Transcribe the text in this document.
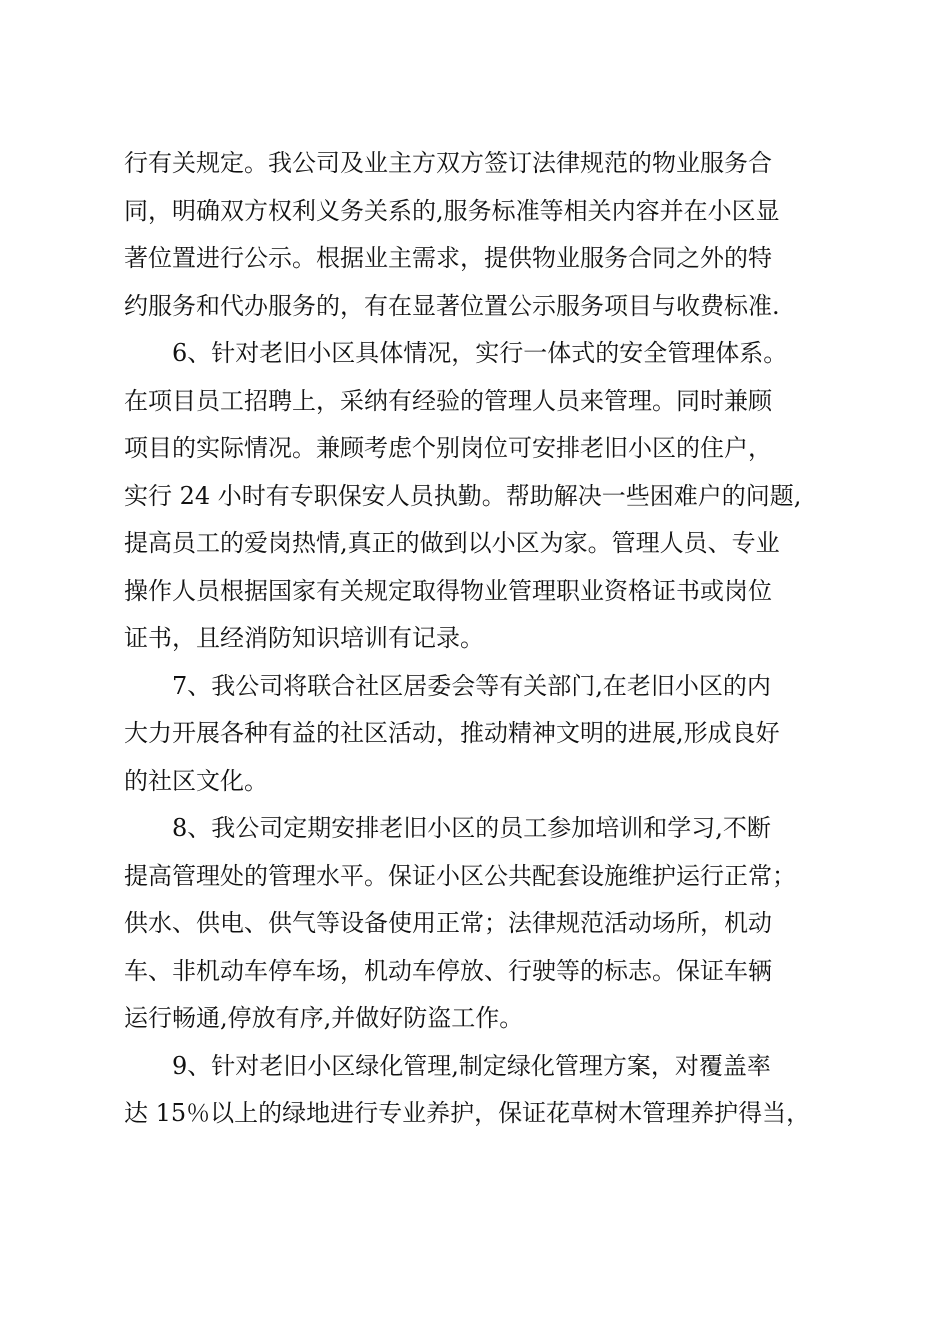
行有关规定。我公司及业主方双方签订法律规范的物业服务合
同，明确双方权利义务关系的,服务标准等相关内容并在小区显
著位置进行公示。根据业主需求，提供物业服务合同之外的特
约服务和代办服务的，有在显著位置公示服务项目与收费标准.
6、针对老旧小区具体情况，实行一体式的安全管理体系。
在项目员工招聘上，采纳有经验的管理人员来管理。同时兼顾
项目的实际情况。兼顾考虑个别岗位可安排老旧小区的住户，
实行 24 小时有专职保安人员执勤。帮助解决一些困难户的问题,
提高员工的爱岗热情,真正的做到以小区为家。管理人员、专业
操作人员根据国家有关规定取得物业管理职业资格证书或岗位
证书，且经消防知识培训有记录。
7、我公司将联合社区居委会等有关部门,在老旧小区的内
大力开展各种有益的社区活动，推动精神文明的进展,形成良好
的社区文化。
8、我公司定期安排老旧小区的员工参加培训和学习,不断
提高管理处的管理水平。保证小区公共配套设施维护运行正常；
供水、供电、供气等设备使用正常；法律规范活动场所，机动
车、非机动车停车场，机动车停放、行驶等的标志。保证车辆
运行畅通,停放有序,并做好防盗工作。
9、针对老旧小区绿化管理,制定绿化管理方案，对覆盖率
达 15％以上的绿地进行专业养护，保证花草树木管理养护得当，
